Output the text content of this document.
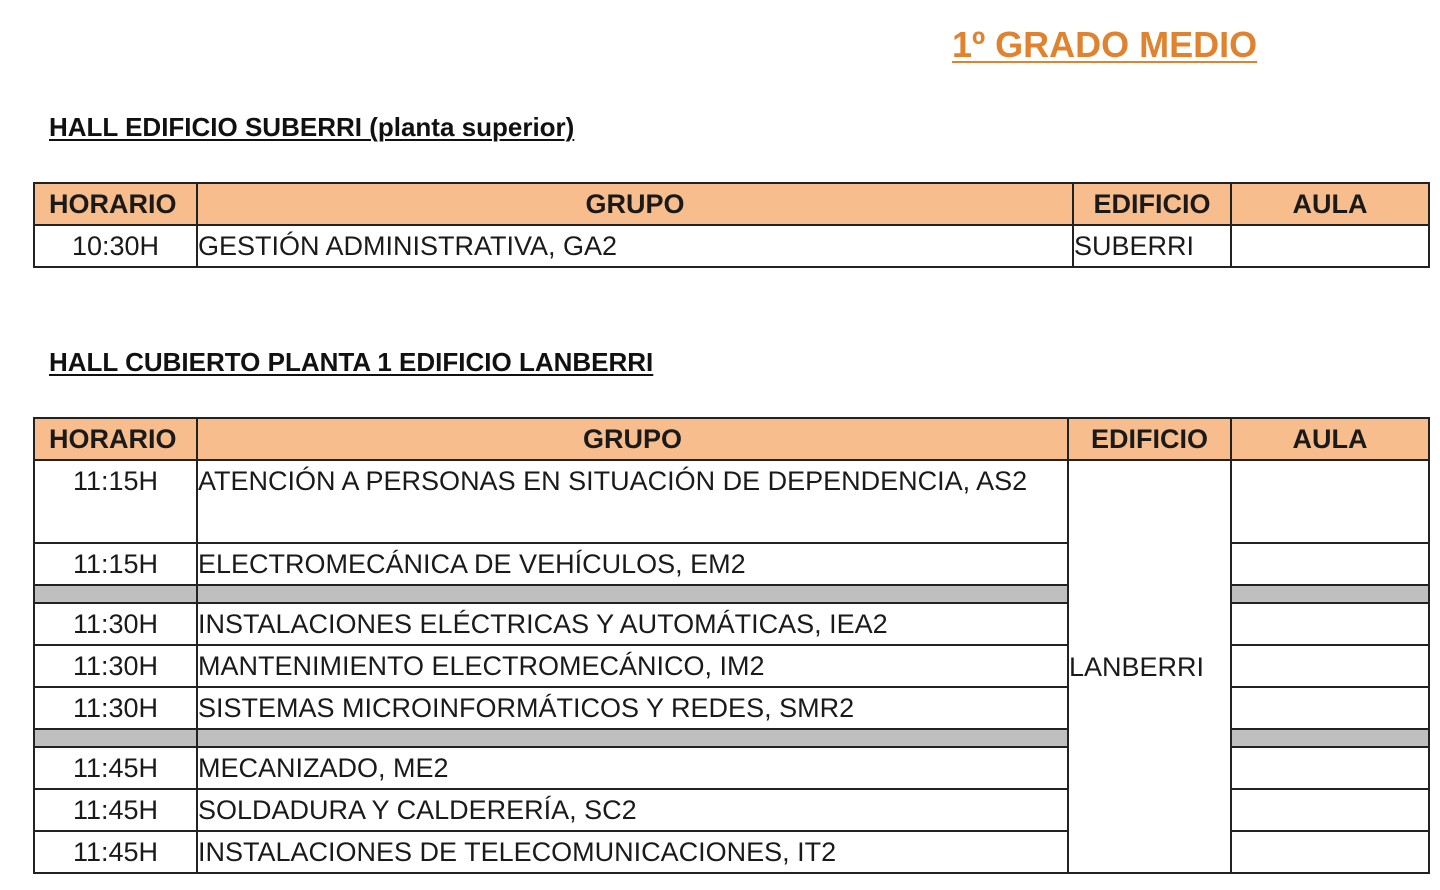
1º GRADO MEDIO
HALL EDIFICIO SUBERRI (planta superior)
HORARIO	GRUPO	EDIFICIO	AULA
10:30H	GESTIÓN ADMINISTRATIVA, GA2	SUBERRI	
HALL CUBIERTO PLANTA 1 EDIFICIO LANBERRI
HORARIO	GRUPO	EDIFICIO	AULA
11:15H	ATENCIÓN A PERSONAS EN SITUACIÓN DE DEPENDENCIA, AS2	LANBERRI	
11:15H	ELECTROMECÁNICA DE VEHÍCULOS, EM2		

11:30H	INSTALACIONES ELÉCTRICAS Y AUTOMÁTICAS, IEA2		
11:30H	MANTENIMIENTO ELECTROMECÁNICO, IM2		
11:30H	SISTEMAS MICROINFORMÁTICOS Y REDES, SMR2		

11:45H	MECANIZADO, ME2		
11:45H	SOLDADURA Y CALDERERÍA, SC2		
11:45H	INSTALACIONES DE TELECOMUNICACIONES, IT2		
